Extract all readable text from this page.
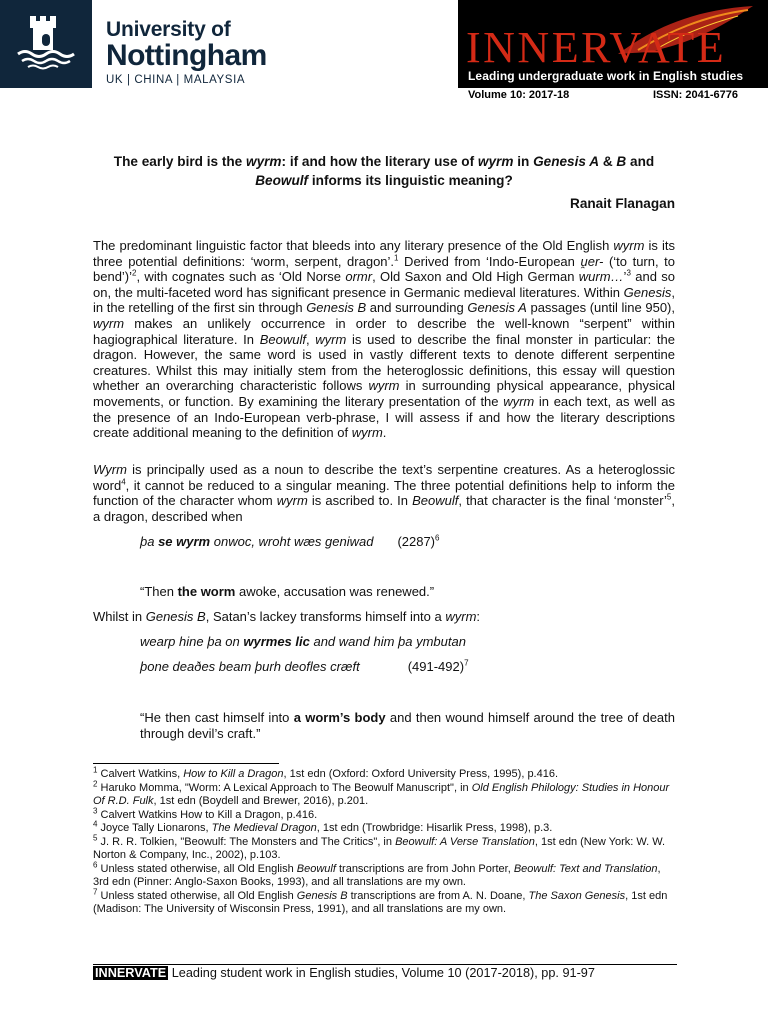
University of
Nottingham
UK | CHINA | MALAYSIA
INNERVATE
Leading undergraduate work in English studies
Volume 10: 2017-18	ISSN: 2041-6776
The early bird is the wyrm: if and how the literary use of wyrm in Genesis A & B and Beowulf informs its linguistic meaning?
Ranait Flanagan
The predominant linguistic factor that bleeds into any literary presence of the Old English wyrm is its three potential definitions: ‘worm, serpent, dragon’.$^1$ Derived from ‘Indo-European u̯er- (‘to turn, to bend’)’$^2$, with cognates such as ‘Old Norse ormr, Old Saxon and Old High German wurm…’$^3$ and so on, the multi-faceted word has significant presence in Germanic medieval literatures. Within Genesis, in the retelling of the first sin through Genesis B and surrounding Genesis A passages (until line 950), wyrm makes an unlikely occurrence in order to describe the well-known “serpent” within hagiographical literature. In Beowulf, wyrm is used to describe the final monster in particular: the dragon. However, the same word is used in vastly different texts to denote different serpentine creatures. Whilst this may initially stem from the heteroglossic definitions, this essay will question whether an overarching characteristic follows wyrm in surrounding physical appearance, physical movements, or function. By examining the literary presentation of the wyrm in each text, as well as the presence of an Indo-European verb-phrase, I will assess if and how the literary descriptions create additional meaning to the definition of wyrm.
Wyrm is principally used as a noun to describe the text’s serpentine creatures. As a heteroglossic word$^4$, it cannot be reduced to a singular meaning. The three potential definitions help to inform the function of the character whom wyrm is ascribed to. In Beowulf, that character is the final ‘monster’$^5$, a dragon, described when
þa se wyrm onwoc, wroht wæs geniwad $(2287)^6$
“Then the worm awoke, accusation was renewed.”
Whilst in Genesis B, Satan’s lackey transforms himself into a wyrm:
wearp hine þa on wyrmes lic and wand him þa ymbutan
þone deaðes beam þurh deofles cræft	$(491-492)^7$
“He then cast himself into a worm’s body and then wound himself around the tree of death through devil’s craft.”
$^1$ Calvert Watkins, How to Kill a Dragon, 1st edn (Oxford: Oxford University Press, 1995), p.416.
$^2$ Haruko Momma, "Worm: A Lexical Approach to The Beowulf Manuscript", in Old English Philology: Studies in Honour Of R.D. Fulk, 1st edn (Boydell and Brewer, 2016), p.201.
$^3$ Calvert Watkins How to Kill a Dragon, p.416.
$^4$ Joyce Tally Lionarons, The Medieval Dragon, 1st edn (Trowbridge: Hisarlik Press, 1998), p.3.
$^5$ J. R. R. Tolkien, "Beowulf: The Monsters and The Critics", in Beowulf: A Verse Translation, 1st edn (New York: W. W. Norton & Company, Inc., 2002), p.103.
$^6$ Unless stated otherwise, all Old English Beowulf transcriptions are from John Porter, Beowulf: Text and Translation, 3rd edn (Pinner: Anglo-Saxon Books, 1993), and all translations are my own.
$^7$ Unless stated otherwise, all Old English Genesis B transcriptions are from A. N. Doane, The Saxon Genesis, 1st edn (Madison: The University of Wisconsin Press, 1991), and all translations are my own.
INNERVATE Leading student work in English studies, Volume 10 (2017-2018), pp. 91-97
